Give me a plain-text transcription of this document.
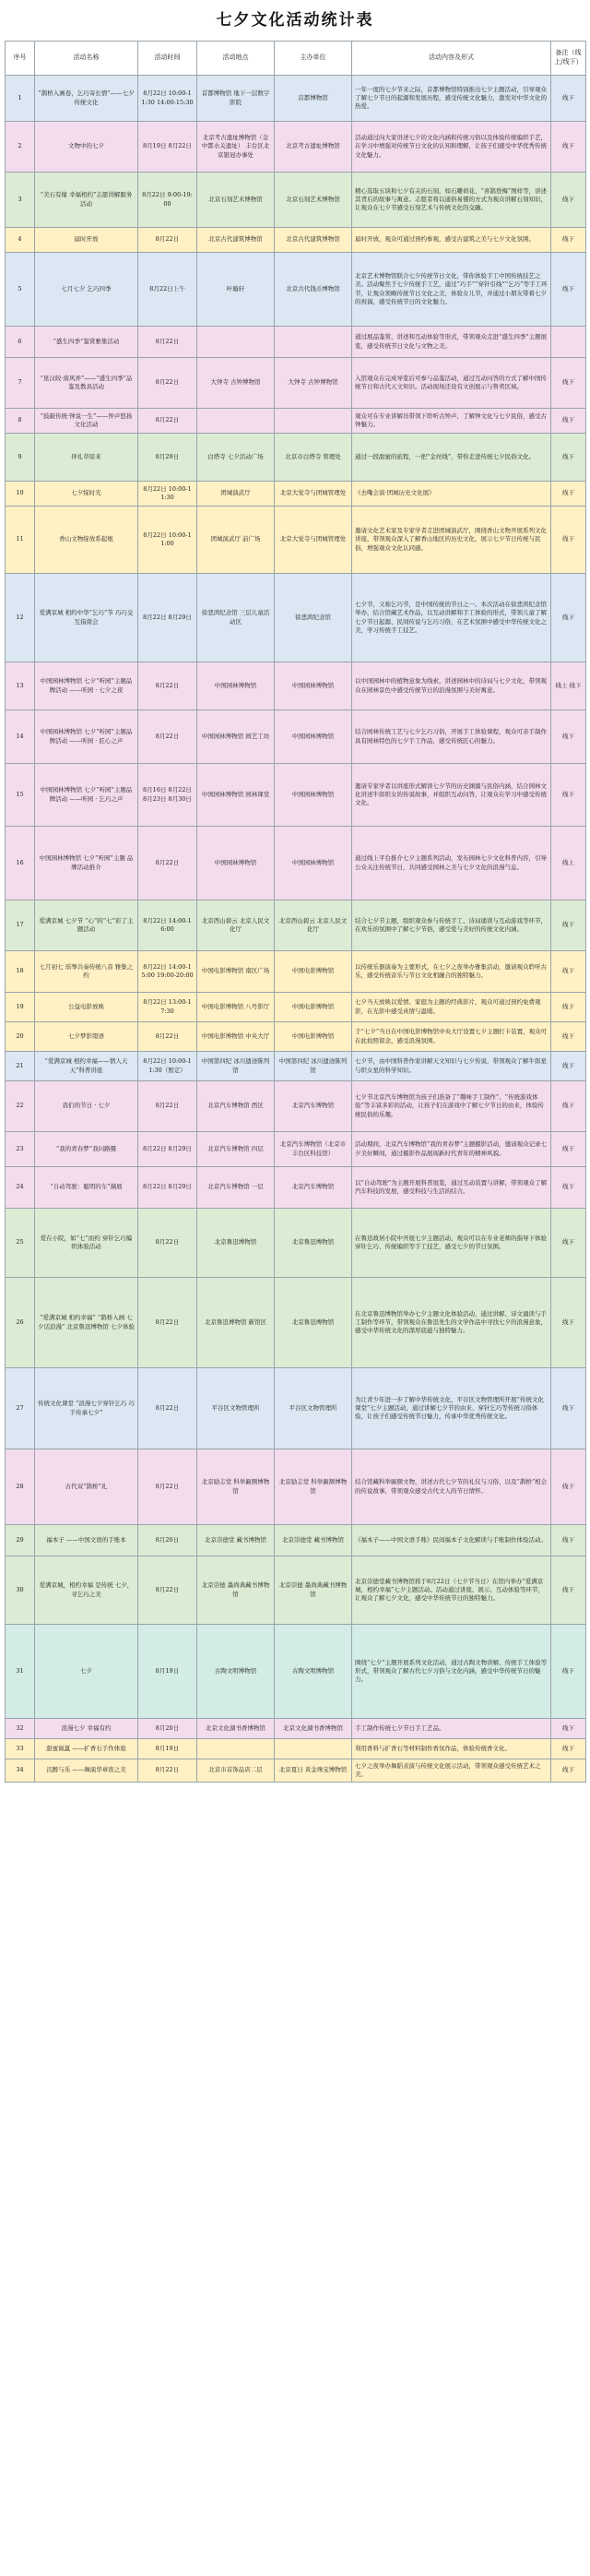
七夕文化活动统计表
序号	活动名称	活动时间	活动地点	主办单位	活动内容及形式	备注（线上/线下）
1	“鹊桥入画卷，乞巧寄长情”——七夕传统文化	8月22日 10:00-11:30 14:00-15:30	首都博物馆 地下一层数字影院	首都博物馆	一年一度的七夕节来之际，首都博物馆特别推出七夕主题活动，引导观众了解七夕节日的起源和发展历程，感受传统文化魅力，激发对中华文化的热爱。	线下
2	文物中的七夕	8月19日 8月22日	北京考古遗址博物馆（金中都水关遗址） 丰台区北京银冠办事处	北京考古遗址博物馆	活动通过向大家讲述七夕的文化内涵和传统习俗以及体验传统编织手艺，在学习中增强对传统节日文化的认知和理解，让孩子们感受中华优秀传统文化魅力。	线下
3	“美石有缘 幸福相约”志愿讲解服务活动	8月22日 9:00-19:00	北京石刻艺术博物馆	北京石刻艺术博物馆	精心选取五块和七夕有关的石刻，如石雕荷花、“喜鹊登梅”图样等，讲述其背后的故事与寓意。志愿者将以通俗易懂的方式为观众讲解石刻知识，让观众在七夕节感受石刻艺术与传统文化的交融。	线下
4	届时开放	8月22日	北京古代建筑博物馆	北京古代建筑博物馆	届时开放，观众可通过预约参观，感受古建筑之美与七夕文化氛围。	线下
5	七月七夕 乞巧四季	8月22日上午	叶璇轩	北京古代钱币博物馆	北京艺术博物馆联合七夕传统节日文化，带你体验手工中国传统技艺之美。活动聚焦于七夕传统手工艺，通过“巧手”“穿针引线”“乞巧”等手工环节，让观众领略传统节日文化之美，体验女儿节，并通过小朋友带着七夕的祝福，感受传统节日的文化魅力。	线下
6	“盛生四季”鉴赏雅集活动	8月22日			通过展品鉴赏、讲述和互动体验等形式，带领观众走进“盛生四季”主题展览，感受传统节日文化与文物之美。	
7	“星汉皎·南风弄”——“盛生四季”品鉴及教具活动	8月22日	大钟寺 古钟博物馆	大钟寺 古钟博物馆	入馆观众在完成导览后可参与品鉴活动，通过互动问答的方式了解中国传统节日和古代天文知识。活动现场还设有文创展示与售卖区域。	线下
8	“鼓敲传统·钟说一生”——钟声悠扬文化活动	8月22日			观众可在专业讲解员带领下聆听古钟声，了解钟文化与七夕民俗，感受古钟魅力。	线下
9	伴礼草原来	8月29日	白塔寺 七夕活动广场	北京市白塔寺 管理处	通过一段甜蜜的旅程，一把“金丝线”，带你走进传统七夕民俗文化。	线下
10	七夕绽时光	8月22日 10:00-11:30	团城演武厅	北京大觉寺与团城管理处	《去嘞会演·团城历史文化展》	线下
11	香山文物绽放系起炮	8月22日 10:00-11:00	团城演武厅 前广场	北京大觉寺与团城管理处	邀请文化艺术家及专家学者走进团城演武厅，围绕香山文物开展系列文化讲座，带领观众深入了解香山地区的历史文化，展示七夕节日传统与民俗，增强观众文化认同感。	线下
12	爱满京城 相约中华“乞巧”节 巧巧交互指南会	8月22日 8月29日	徐悲鸿纪念馆 三层儿童活动区	徐悲鸿纪念馆	七夕节，又称乞巧节，是中国传统的节日之一。本次活动在徐悲鸿纪念馆举办，结合馆藏艺术作品，以互动讲解和手工体验的形式，带领儿童了解七夕节日起源、民间传说与乞巧习俗，在艺术氛围中感受中华传统文化之美，学习传统手工技艺。	线下
13	中国园林博物馆 七夕“听园”主题品牌活动 ——听园 · 七夕之夜	8月22日	中国园林博物馆	中国园林博物馆	以中国园林中的植物意象为线索，讲述园林中的诗词与七夕文化，带领观众在园林景色中感受传统节日的浪漫氛围与美好寓意。	线上 线下
14	中国园林博物馆 七夕“听园”主题品牌活动 ——听园 · 匠心之声	8月22日	中国园林博物馆 园艺工坊	中国园林博物馆	结合园林传统工艺与七夕乞巧习俗，开展手工体验课程，观众可亲手制作具有园林特色的七夕手工作品，感受传统匠心的魅力。	线下
15	中国园林博物馆 七夕“听园”主题品牌活动 ——听园 · 乞巧之声	8月16日 8月22日 8月23日 8月30日	中国园林博物馆 园林课堂	中国园林博物馆	邀请专家学者以讲座形式解读七夕节的历史渊源与民俗内涵，结合园林文化讲述牛郎织女的传说故事，并组织互动问答，让观众在学习中感受传统文化。	线下
16	中国园林博物馆 七夕“听园”主题 品牌活动推介	8月22日	中国园林博物馆	中国园林博物馆	通过线上平台推介七夕主题系列活动，发布园林七夕文化科普内容，引导公众关注传统节日，共同感受园林之美与七夕文化的浪漫气息。	线上
17	爱满京城 七夕节 “心”的“七”彩了主题活动	8月22日 14:00-16:00	北京西山碧云 北京人民文化厅	北京西山碧云 北京人民文化厅	结合七夕节主题，组织观众参与传统手工、诗词诵读与互动游戏等环节，在欢乐的氛围中了解七夕节俗，感受爱与美好的传统文化内涵。	线下
18	七月初七 瑶琴共奏传统八音 雅集之约	8月22日 14:00-15:00 19:00-20:00	中国电影博物馆 南区广场	中国电影博物馆	以传统乐器演奏为主要形式，在七夕之夜举办雅集活动，邀请观众聆听古乐，感受传统音乐与节日文化相融合的独特魅力。	线下
19	公益电影放映	8月22日 13:00-17:30	中国电影博物馆 八号影厅	中国电影博物馆	七夕当天放映以爱情、家庭为主题的经典影片，观众可通过预约免费观影，在光影中感受真情与温暖。	线下
20	七夕梦影缀语	8月22日	中国电影博物馆 中央大厅	中国电影博物馆	于“七夕”当日在中国电影博物馆中央大厅设置七夕主题打卡装置，观众可在此拍照留念，感受浪漫氛围。	线下
21	“爱满京城 相约幸福——情人天天”科普讲座	8月22日 10:00-11:30（暂定）	中国第四纪 冰川遗迹陈列馆	中国第四纪 冰川遗迹陈列馆	七夕节，由中国科普作家讲解天文知识与七夕传说，带领观众了解牛郎星与织女星的科学知识。	线下
22	我们的节日 · 七夕	8月22日	北京汽车博物馆 西区	北京汽车博物馆	七夕节北京汽车博物馆为孩子们准备了“趣味手工制作”、“传统游戏体验”等丰富多彩的活动，让孩子们在游戏中了解七夕节日的由来，体验传统民俗的乐趣。	线下
23	“我的青春梦”我问路摄	8月22日 8月29日	北京汽车博物馆 四层	北京汽车博物馆（北京市丰台区科技馆）	活动期间，北京汽车博物馆“我的青春梦”主题摄影活动，邀请观众记录七夕美好瞬间，通过摄影作品展现新时代青年的精神风貌。	线下
24	“自动驾驶：聪明的车”摘展	8月22日 8月29日	北京汽车博物馆 一层	北京汽车博物馆	以“自动驾驶”为主题开展科普展览，通过互动装置与讲解，带领观众了解汽车科技的发展，感受科技与生活的结合。	线下
25	爱在小院，如“七”而约 穿针乞巧编织体验活动	8月22日	北京鲁迅博物馆	北京鲁迅博物馆	在鲁迅故居小院中开展七夕主题活动，观众可以在专业老师的指导下体验穿针乞巧、传统编织等手工技艺，感受七夕的节日氛围。	线下
26	“爱满京城 相约幸福” “鹊桥入画 七夕话浪漫” 北京鲁迅博物馆 七夕体验	8月22日	北京鲁迅博物馆 新馆区	北京鲁迅博物馆	在北京鲁迅博物馆举办七夕主题文化体验活动，通过讲解、诗文诵读与手工制作等环节，带领观众在鲁迅先生的文学作品中寻找七夕的浪漫意象，感受中华传统文化的深厚底蕴与独特魅力。	线下
27	传统文化课堂 “浪漫七夕穿针乞巧 巧手传承七夕”	8月22日	平谷区文物管理所	平谷区文物管理所	为让青少年进一步了解中华传统文化，平谷区文物管理所开展“传统文化课堂”七夕主题活动，通过讲解七夕节的由来、穿针乞巧等传统习俗体验，让孩子们感受传统节日魅力，传承中华优秀传统文化。	线下
28	古代双“鹊桥”礼	8月22日	北京励志堂 科举匾额博物馆	北京励志堂 科举匾额博物馆	结合馆藏科举匾额文物，讲述古代七夕节的礼仪与习俗，以及“鹊桥”相会的传说故事，带领观众感受古代文人的节日情怀。	线下
29	福本子 ——中国文语的手账本	8月20日	北京崇德堂 藏书博物馆	北京崇德堂 藏书博物馆	《福本子——中国文语手账》民间福本子文化解读与手账制作体验活动。	线下
30	爱满京城，相约幸福 是传统 七夕，寻乞巧之美	8月22日	北京崇德 墨尚典藏书博物馆	北京崇德 墨尚典藏书博物馆	北京崇德堂藏书博物馆将于8月22日（七夕节当日）在馆内举办“爱满京城，相约幸福”七夕主题活动。活动通过讲座、展示、互动体验等环节，让观众了解七夕文化，感受中华传统节日的独特魅力。	线下
31	七夕	8月19日	古陶文明博物馆	古陶文明博物馆	围绕“七夕”主题开展系列文化活动，通过古陶文物讲解、传统手工体验等形式，带领观众了解古代七夕习俗与文化内涵，感受中华传统节日的魅力。	线下
32	浪漫七夕 幸福有约	8月20日	北京文化湖书香博物馆	北京文化湖书香博物馆	手工制作传统七夕节日手工艺品。	线下
33	甜蜜氤氲 ——扩香石手作体验	8月19日			利用香料与扩香石等材料制作香氛作品，体验传统香文化。	线下
34	沉醉与乐 ——舞演华章夜之美	8月22日	北京市首饰品店二层	北京夏日 黄金珠宝博物馆	七夕之夜举办舞蹈表演与传统文化展示活动，带领观众感受传统艺术之美。	线下
